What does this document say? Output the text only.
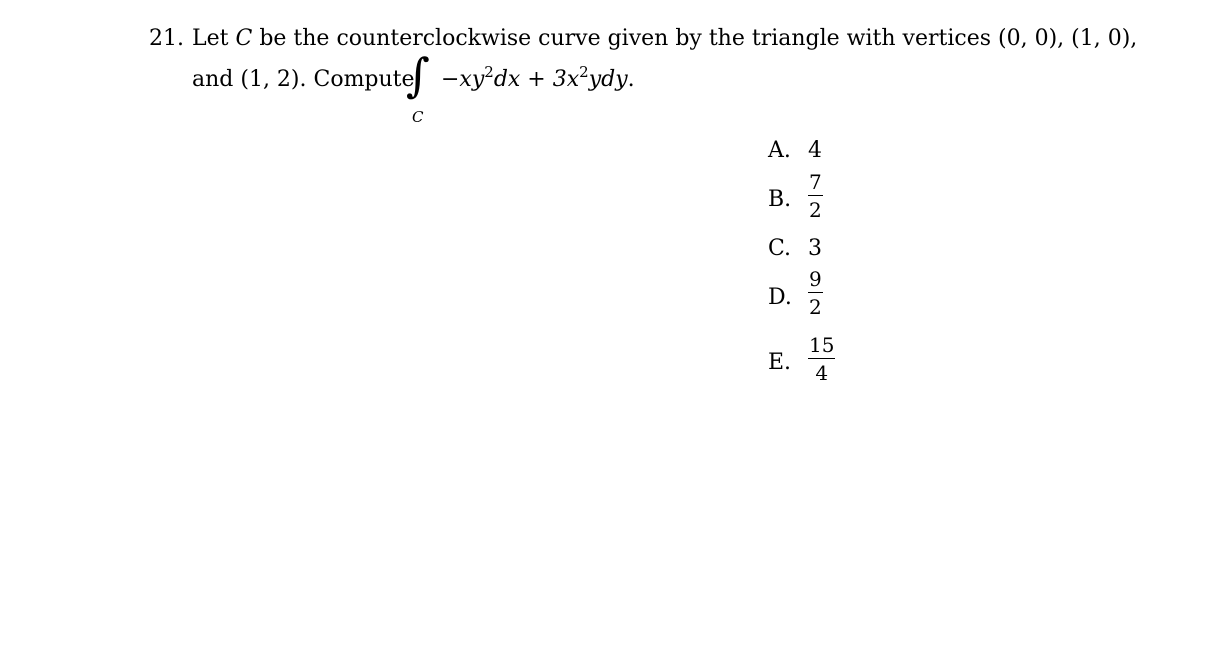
21. Let C be the counterclockwise curve given by the triangle with vertices (0, 0), (1, 0),
and (1, 2). Compute
∫
C
$-xy^2dx + 3x^2ydy$.
A. 4
B.
7
2
C. 3
D.
9
2
E.
15
4
